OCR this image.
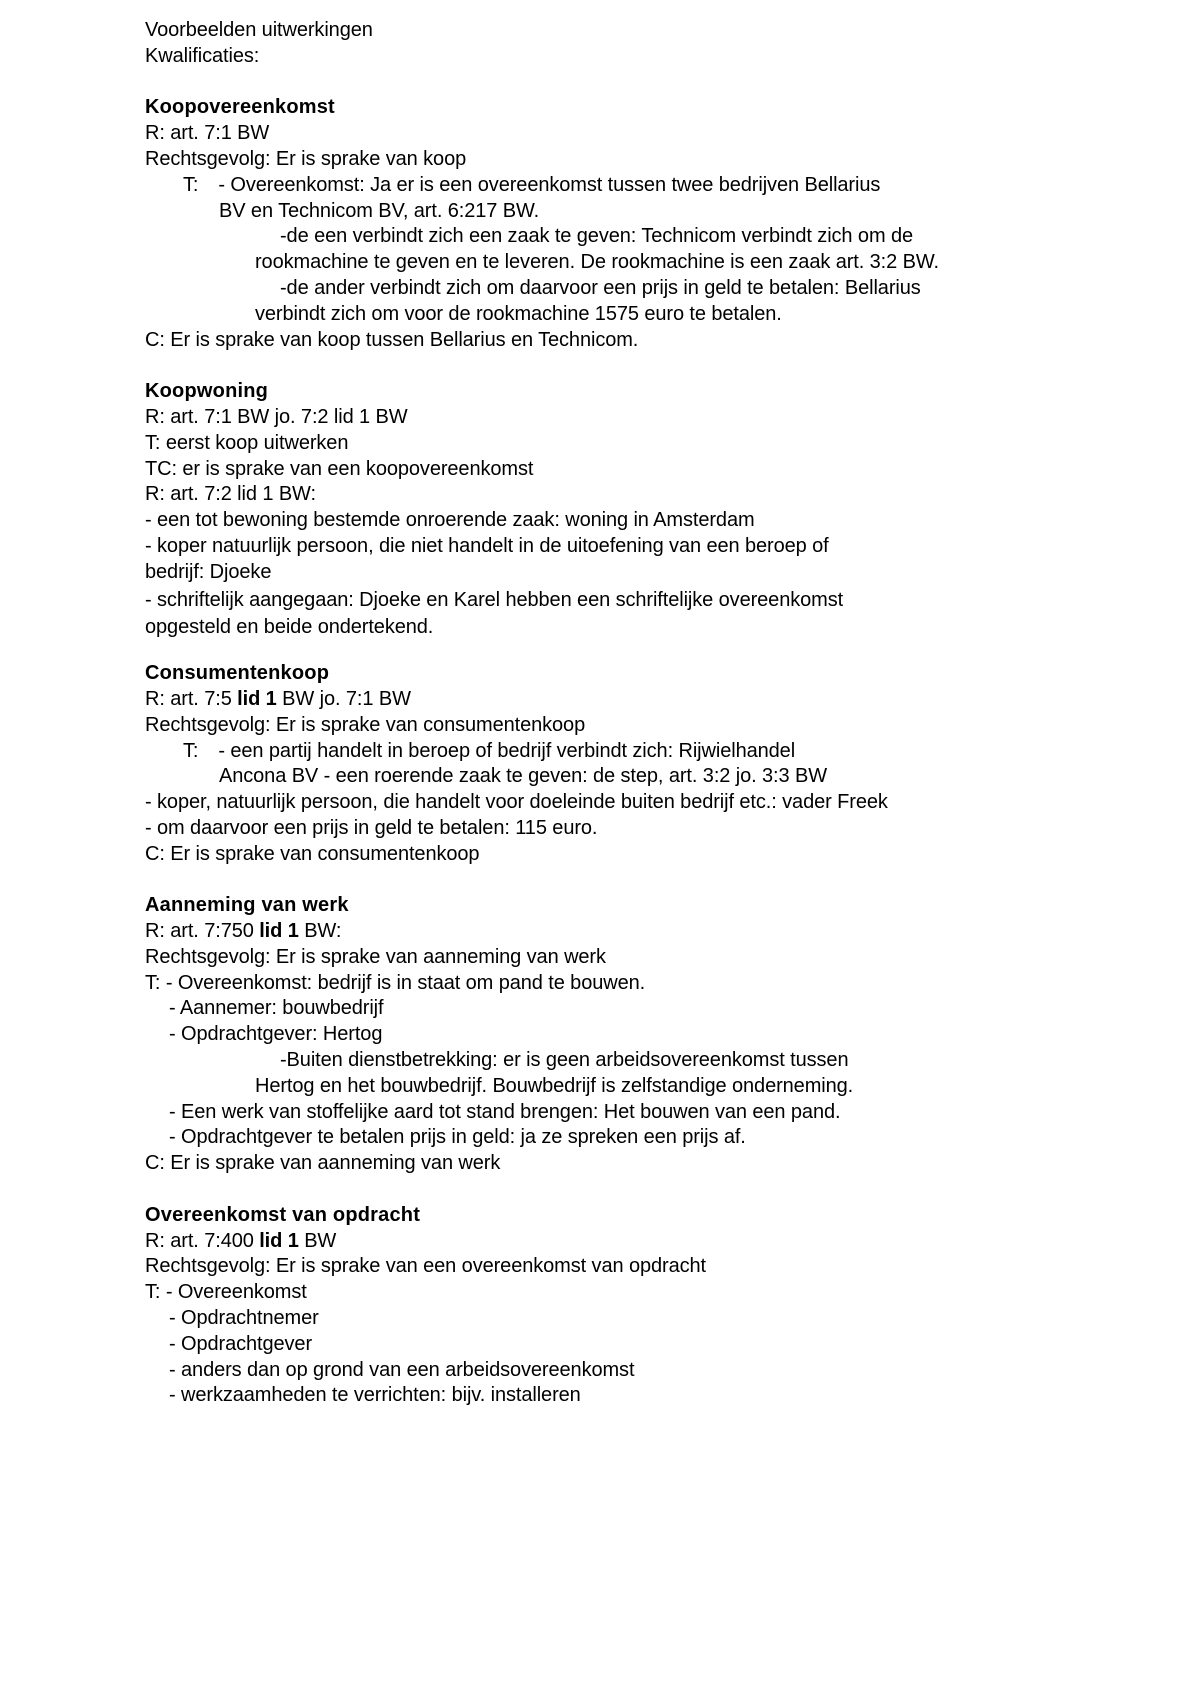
Voorbeelden uitwerkingen

Kwalificaties:

Koopovereenkomst

R: art. 7:1 BW

Rechtsgevolg: Er is sprake van koop

T: - Overeenkomst: Ja er is een overeenkomst tussen twee bedrijven Bellarius

BV en Technicom BV, art. 6:217 BW.

-de een verbindt zich een zaak te geven: Technicom verbindt zich om de

rookmachine te geven en te leveren. De rookmachine is een zaak art. 3:2 BW.

-de ander verbindt zich om daarvoor een prijs in geld te betalen: Bellarius

verbindt zich om voor de rookmachine 1575 euro te betalen.

C: Er is sprake van koop tussen Bellarius en Technicom.

Koopwoning

R: art. 7:1 BW jo. 7:2 lid 1 BW

T: eerst koop uitwerken

TC: er is sprake van een koopovereenkomst

R: art. 7:2 lid 1 BW:

- een tot bewoning bestemde onroerende zaak: woning in Amsterdam

- koper natuurlijk persoon, die niet handelt in de uitoefening van een beroep of

bedrijf: Djoeke

- schriftelijk aangegaan: Djoeke en Karel hebben een schriftelijke overeenkomst

opgesteld en beide ondertekend.

Consumentenkoop

R: art. 7:5 lid 1 BW jo. 7:1 BW

Rechtsgevolg: Er is sprake van consumentenkoop

T: - een partij handelt in beroep of bedrijf verbindt zich: Rijwielhandel

Ancona BV - een roerende zaak te geven: de step, art. 3:2 jo. 3:3 BW

- koper, natuurlijk persoon, die handelt voor doeleinde buiten bedrijf etc.: vader Freek

- om daarvoor een prijs in geld te betalen: 115 euro.

C: Er is sprake van consumentenkoop

Aanneming van werk

R: art. 7:750 lid 1 BW:

Rechtsgevolg: Er is sprake van aanneming van werk

T: - Overeenkomst: bedrijf is in staat om pand te bouwen.

- Aannemer: bouwbedrijf

- Opdrachtgever: Hertog

-Buiten dienstbetrekking: er is geen arbeidsovereenkomst tussen

Hertog en het bouwbedrijf. Bouwbedrijf is zelfstandige onderneming.

- Een werk van stoffelijke aard tot stand brengen: Het bouwen van een pand.

- Opdrachtgever te betalen prijs in geld: ja ze spreken een prijs af.

C: Er is sprake van aanneming van werk

Overeenkomst van opdracht

R: art. 7:400 lid 1 BW

Rechtsgevolg: Er is sprake van een overeenkomst van opdracht

T: - Overeenkomst

- Opdrachtnemer

- Opdrachtgever

- anders dan op grond van een arbeidsovereenkomst

- werkzaamheden te verrichten: bijv. installeren
